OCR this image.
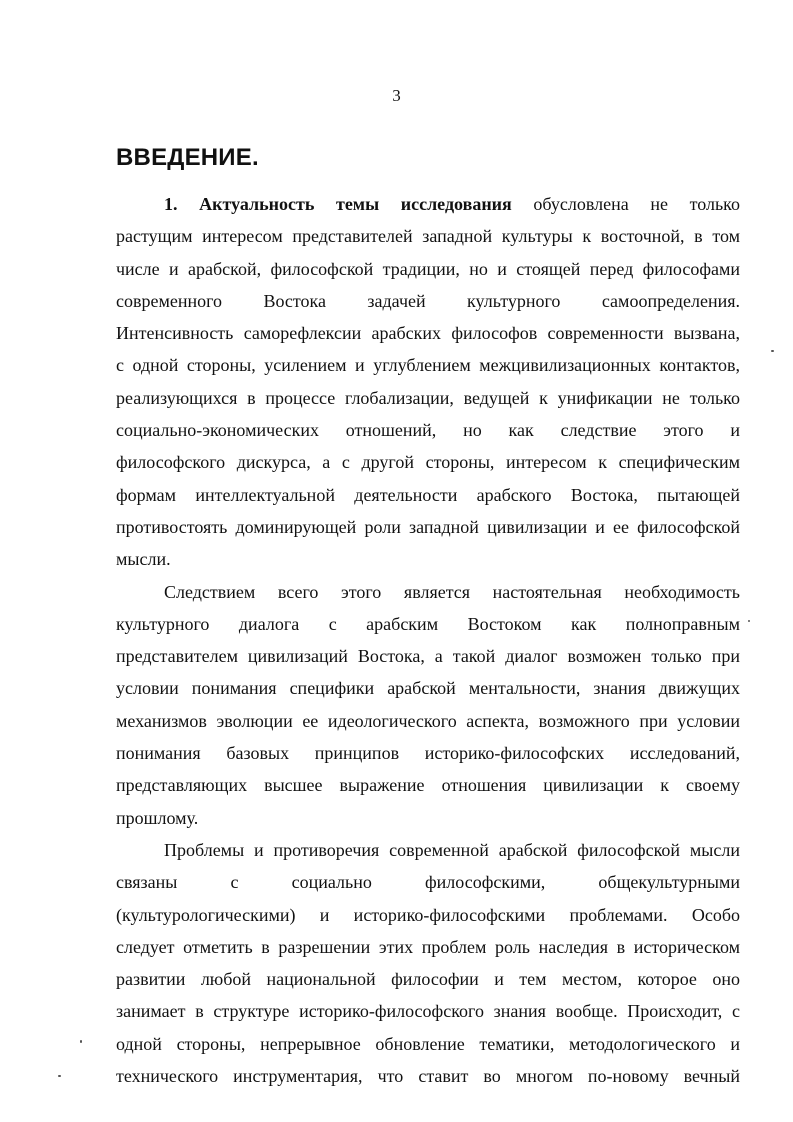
3
ВВЕДЕНИЕ.
1. Актуальность темы исследования обусловлена не только
растущим интересом представителей западной культуры к восточной, в том
числе и арабской, философской традиции, но и стоящей перед философами
современного Востока задачей культурного самоопределения.
Интенсивность саморефлексии арабских философов современности вызвана,
с одной стороны, усилением и углублением межцивилизационных контактов,
реализующихся в процессе глобализации, ведущей к унификации не только
социально-экономических отношений, но как следствие этого и
философского дискурса, а с другой стороны, интересом к специфическим
формам интеллектуальной деятельности арабского Востока, пытающей
противостоять доминирующей роли западной цивилизации и ее философской
мысли.
Следствием всего этого является настоятельная необходимость
культурного диалога с арабским Востоком как полноправным
представителем цивилизаций Востока, а такой диалог возможен только при
условии понимания специфики арабской ментальности, знания движущих
механизмов эволюции ее идеологического аспекта, возможного при условии
понимания базовых принципов историко-философских исследований,
представляющих высшее выражение отношения цивилизации к своему
прошлому.
Проблемы и противоречия современной арабской философской мысли
связаны с социально философскими, общекультурными
(культурологическими) и историко-философскими проблемами. Особо
следует отметить в разрешении этих проблем роль наследия в историческом
развитии любой национальной философии и тем местом, которое оно
занимает в структуре историко-философского знания вообще. Происходит, с
одной стороны, непрерывное обновление тематики, методологического и
технического инструментария, что ставит во многом по-новому вечный
